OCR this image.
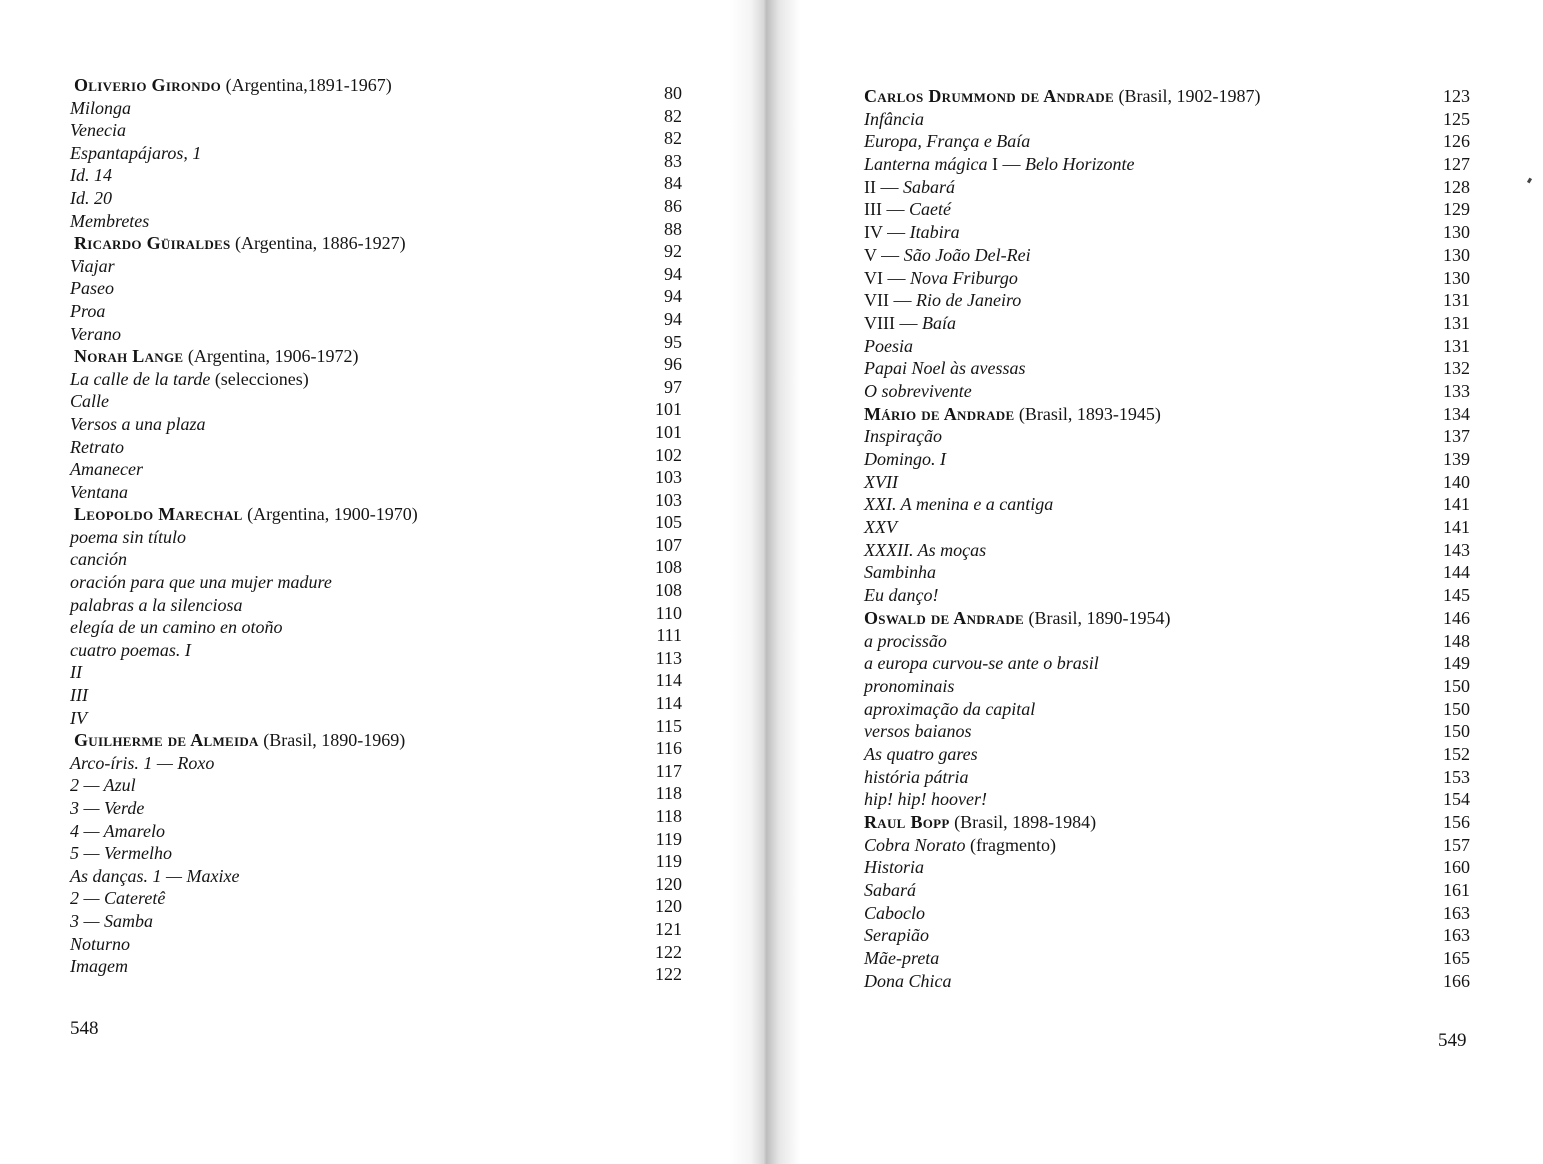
Oliverio Girondo (Argentina,1891-1967)	80
Milonga	82
Venecia	82
Espantapájaros, 1	83
Id. 14	84
Id. 20	86
Membretes	88
Ricardo Güiraldes (Argentina, 1886-1927)	92
Viajar	94
Paseo	94
Proa	94
Verano	95
Norah Lange (Argentina, 1906-1972)	96
La calle de la tarde (selecciones)	97
Calle	101
Versos a una plaza	101
Retrato	102
Amanecer	103
Ventana	103
Leopoldo Marechal (Argentina, 1900-1970)	105
poema sin título	107
canción	108
oración para que una mujer madure	108
palabras a la silenciosa	110
elegía de un camino en otoño	111
cuatro poemas. I	113
II	114
III	114
IV	115
Guilherme de Almeida (Brasil, 1890-1969)	116
Arco-íris. 1 — Roxo	117
2 — Azul	118
3 — Verde	118
4 — Amarelo	119
5 — Vermelho	119
As danças. 1 — Maxixe	120
2 — Cateretê	120
3 — Samba	121
Noturno	122
Imagem	122
548
Carlos Drummond de Andrade (Brasil, 1902-1987)	123
Infância	125
Europa, França e Baía	126
Lanterna mágica I — Belo Horizonte	127
II — Sabará	128
III — Caeté	129
IV — Itabira	130
V — São João Del-Rei	130
VI — Nova Friburgo	130
VII — Rio de Janeiro	131
VIII — Baía	131
Poesia	131
Papai Noel às avessas	132
O sobrevivente	133
Mário de Andrade (Brasil, 1893-1945)	134
Inspiração	137
Domingo. I	139
XVII	140
XXI. A menina e a cantiga	141
XXV	141
XXXII. As moças	143
Sambinha	144
Eu danço!	145
Oswald de Andrade (Brasil, 1890-1954)	146
a procissão	148
a europa curvou-se ante o brasil	149
pronominais	150
aproximação da capital	150
versos baianos	150
As quatro gares	152
história pátria	153
hip! hip! hoover!	154
Raul Bopp (Brasil, 1898-1984)	156
Cobra Norato (fragmento)	157
Historia	160
Sabará	161
Caboclo	163
Serapião	163
Mãe-preta	165
Dona Chica	166
549
